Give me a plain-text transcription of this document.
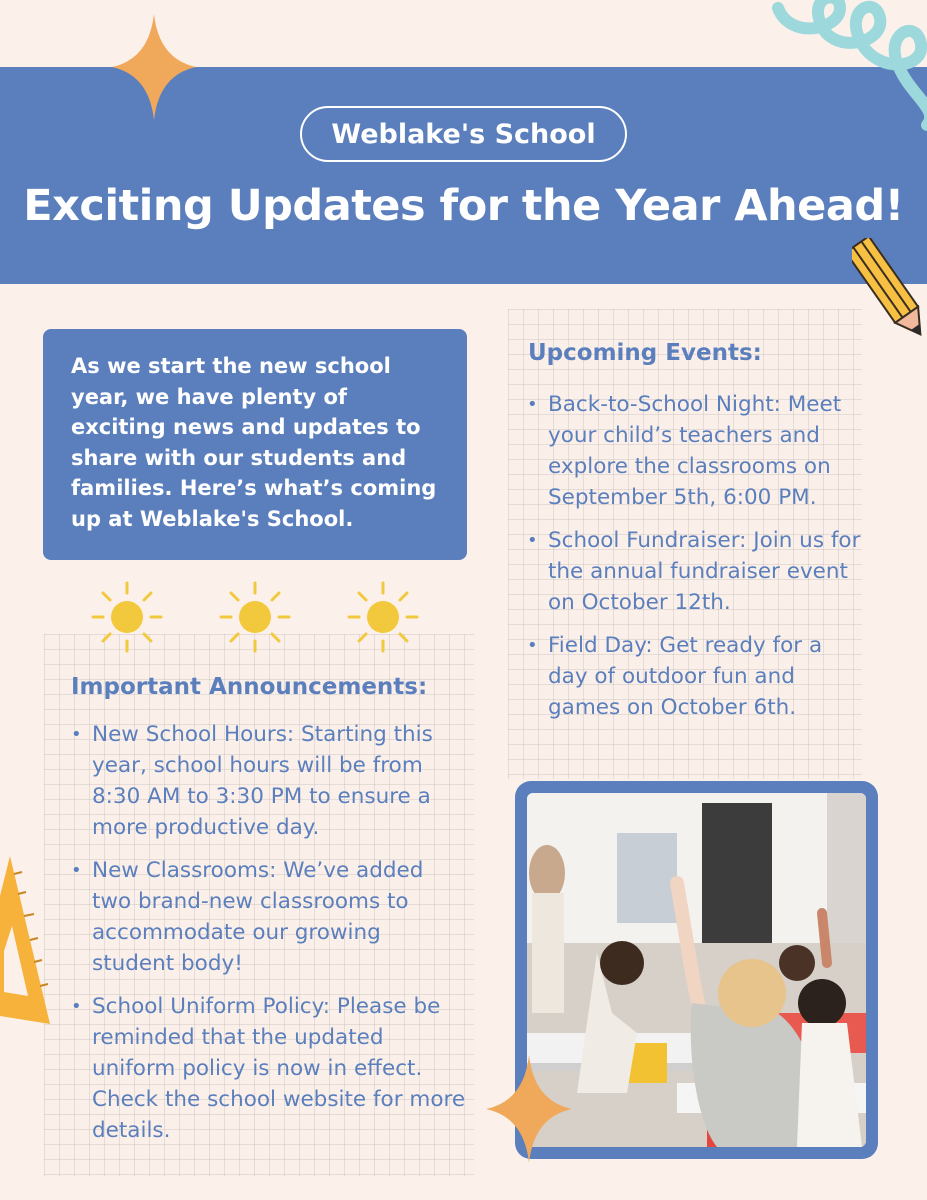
Weblake's School
Exciting Updates for the Year Ahead!
As we start the new school year, we have plenty of exciting news and updates to share with our students and families. Here’s what’s coming up at Weblake's School.
Upcoming Events:
• Back-to-School Night: Meet your child’s teachers and explore the classrooms on September 5th, 6:00 PM.
• School Fundraiser: Join us for the annual fundraiser event on October 12th.
• Field Day: Get ready for a day of outdoor fun and games on October 6th.
Important Announcements:
• New School Hours: Starting this year, school hours will be from 8:30 AM to 3:30 PM to ensure a more productive day.
• New Classrooms: We’ve added two brand-new classrooms to accommodate our growing student body!
• School Uniform Policy: Please be reminded that the updated uniform policy is now in effect. Check the school website for more details.
